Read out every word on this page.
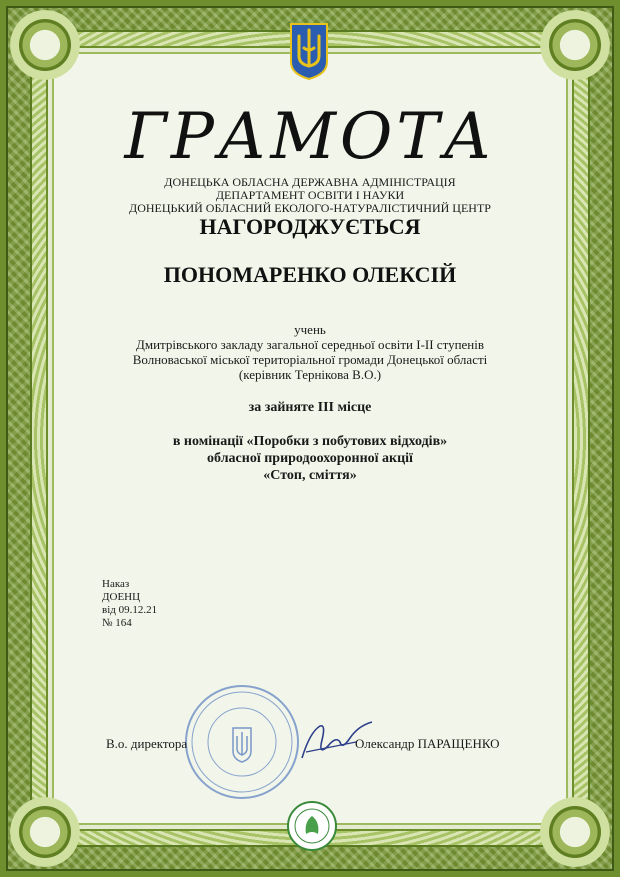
ГРАМОТА
ДОНЕЦЬКА ОБЛАСНА ДЕРЖАВНА АДМІНІСТРАЦІЯ
ДЕПАРТАМЕНТ ОСВІТИ І НАУКИ
ДОНЕЦЬКИЙ ОБЛАСНИЙ ЕКОЛОГО-НАТУРАЛІСТИЧНИЙ ЦЕНТР
НАГОРОДЖУЄТЬСЯ
ПОНОМАРЕНКО ОЛЕКСІЙ
учень
Дмитрівського закладу загальної середньої освіти І-ІІ ступенів
Волноваської міської територіальної громади Донецької області
(керівник Тернікова В.О.)
за зайняте ІІІ місце
в номінації «Поробки з побутових відходів»
обласної природоохоронної акції
«Стоп, сміття»
Наказ
ДОЕНЦ
від 09.12.21
№ 164
В.о. директора	Олександр ПАРАЩЕНКО
